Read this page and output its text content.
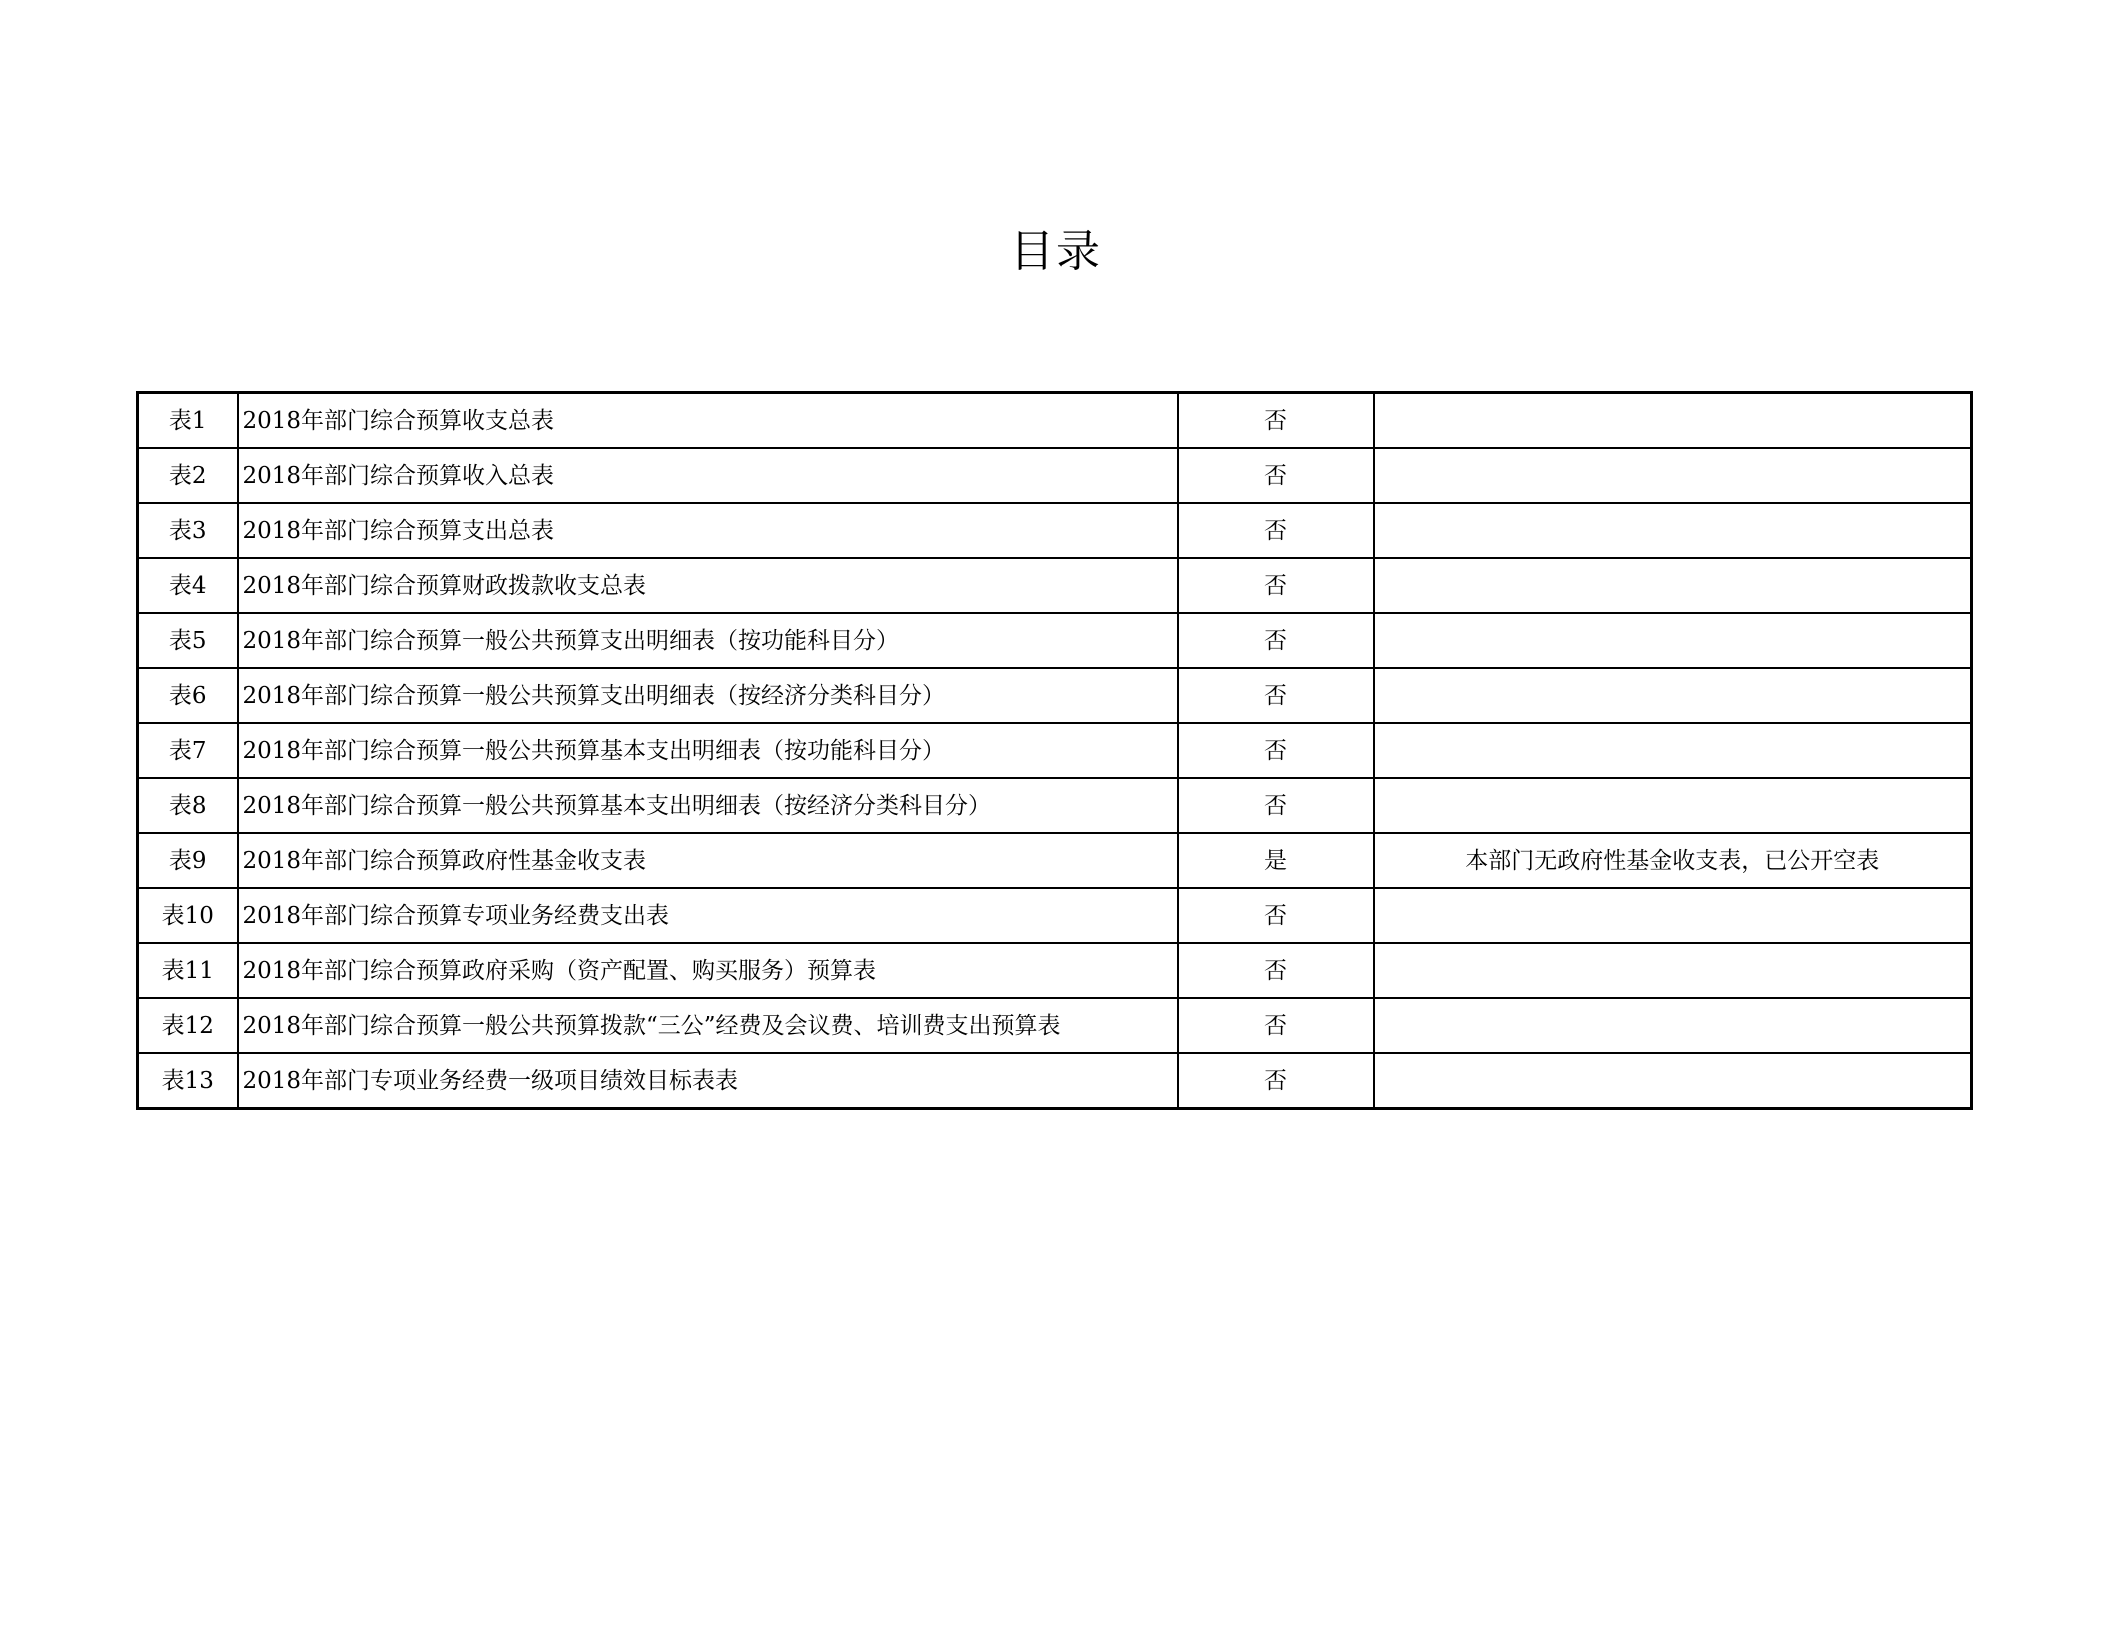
目录
表1	2018年部门综合预算收支总表	否	
表2	2018年部门综合预算收入总表	否	
表3	2018年部门综合预算支出总表	否	
表4	2018年部门综合预算财政拨款收支总表	否	
表5	2018年部门综合预算一般公共预算支出明细表（按功能科目分）	否	
表6	2018年部门综合预算一般公共预算支出明细表（按经济分类科目分）	否	
表7	2018年部门综合预算一般公共预算基本支出明细表（按功能科目分）	否	
表8	2018年部门综合预算一般公共预算基本支出明细表（按经济分类科目分）	否	
表9	2018年部门综合预算政府性基金收支表	是	本部门无政府性基金收支表，已公开空表
表10	2018年部门综合预算专项业务经费支出表	否	
表11	2018年部门综合预算政府采购（资产配置、购买服务）预算表	否	
表12	2018年部门综合预算一般公共预算拨款“三公”经费及会议费、培训费支出预算表	否	
表13	2018年部门专项业务经费一级项目绩效目标表表	否	
